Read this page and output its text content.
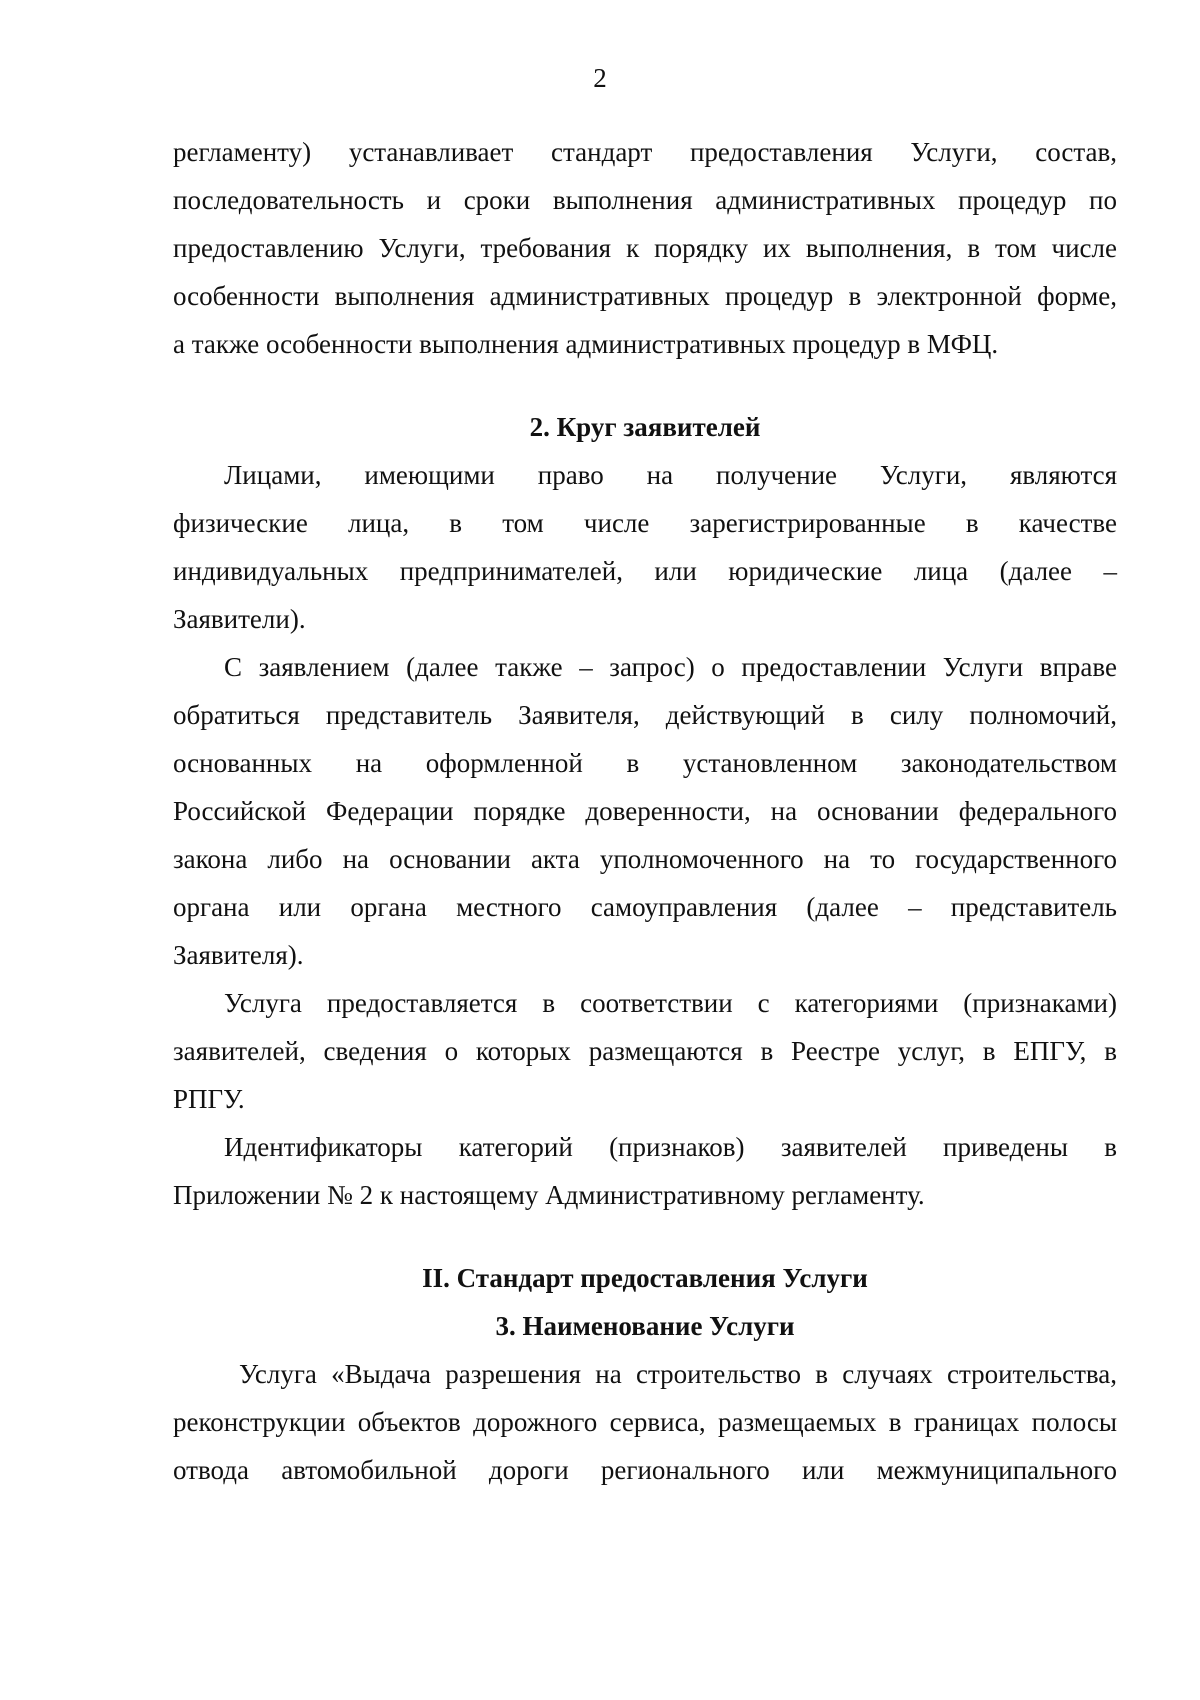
2

регламенту) устанавливает стандарт предоставления Услуги, состав,
последовательность и сроки выполнения административных процедур по
предоставлению Услуги, требования к порядку их выполнения, в том числе
особенности выполнения административных процедур в электронной форме,
а также особенности выполнения административных процедур в МФЦ.

2. Круг заявителей

Лицами, имеющими право на получение Услуги, являются
физические лица, в том числе зарегистрированные в качестве
индивидуальных предпринимателей, или юридические лица (далее –
Заявители).

С заявлением (далее также – запрос) о предоставлении Услуги вправе
обратиться представитель Заявителя, действующий в силу полномочий,
основанных на оформленной в установленном законодательством
Российской Федерации порядке доверенности, на основании федерального
закона либо на основании акта уполномоченного на то государственного
органа или органа местного самоуправления (далее – представитель
Заявителя).

Услуга предоставляется в соответствии с категориями (признаками)
заявителей, сведения о которых размещаются в Реестре услуг, в ЕПГУ, в
РПГУ.

Идентификаторы категорий (признаков) заявителей приведены в
Приложении № 2 к настоящему Административному регламенту.

II. Стандарт предоставления Услуги
3. Наименование Услуги

Услуга «Выдача разрешения на строительство в случаях строительства,
реконструкции объектов дорожного сервиса, размещаемых в границах полосы
отвода автомобильной дороги регионального или межмуниципального
